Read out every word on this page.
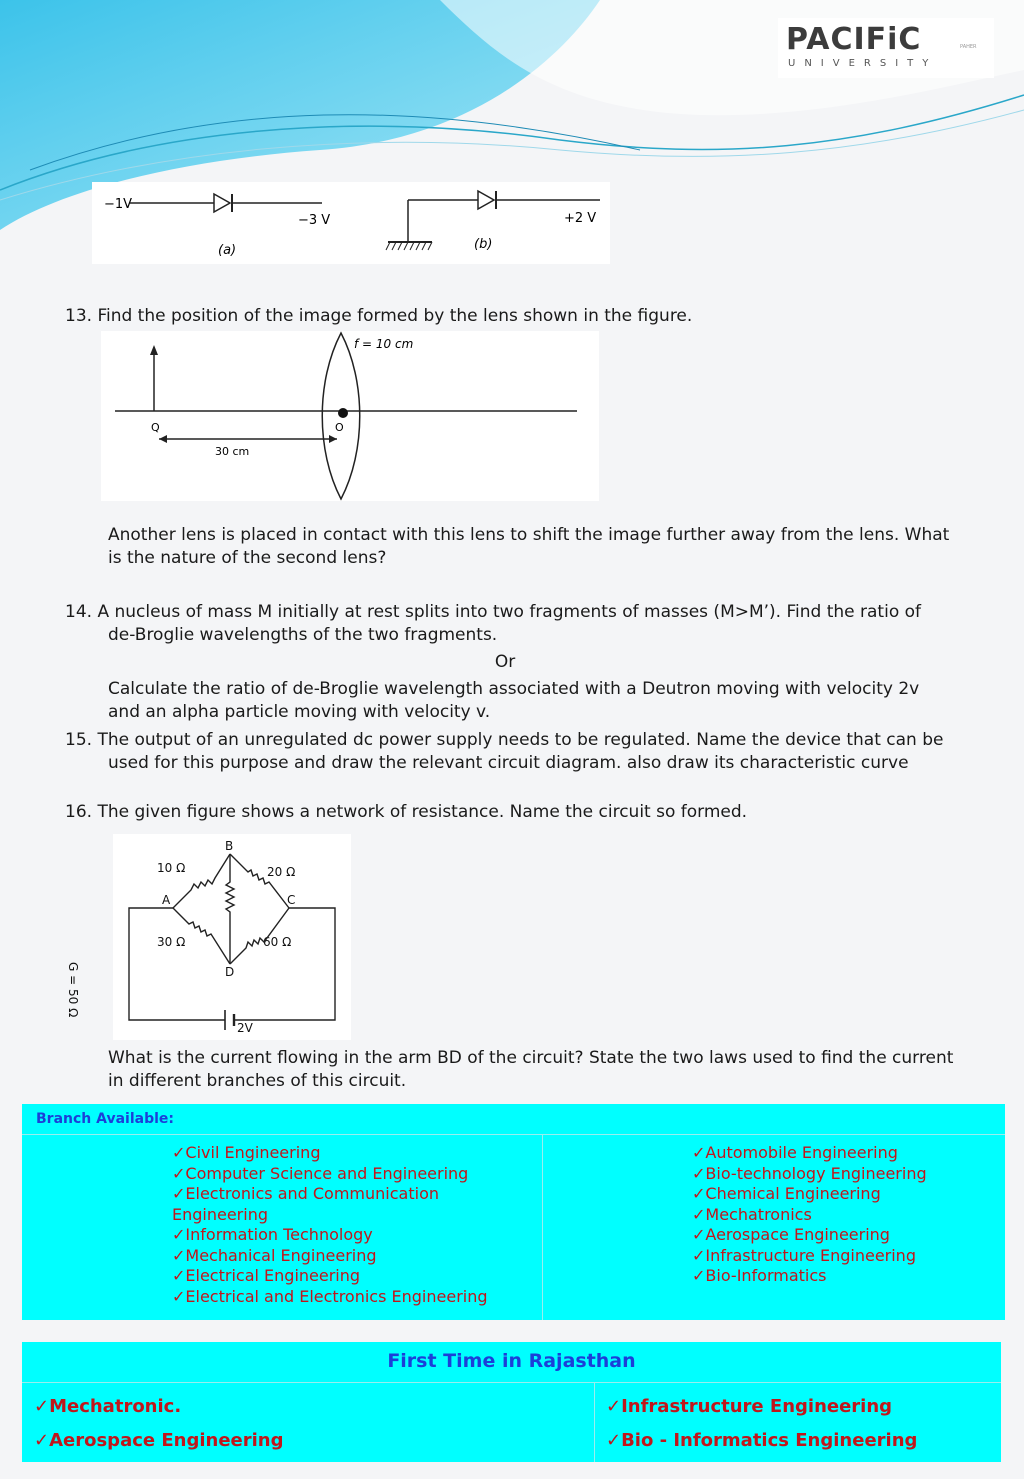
PACIFiC
UNIVERSITY
PAHER
−1V
−3 V
(a)
+2 V
(b)
13. Find the position of the image formed by the lens shown in the figure.
f = 10 cm
Q	O
30 cm
Another lens is placed in contact with this lens to shift the image further away from the lens. What is the nature of the second lens?
14. A nucleus of mass M initially at rest splits into two fragments of masses (M>M’). Find the ratio of de-Broglie wavelengths of the two fragments.
Or
Calculate the ratio of de-Broglie wavelength associated with a Deutron moving with velocity 2v and an alpha particle moving with velocity v.
15. The output of an unregulated dc power supply needs to be regulated. Name the device that can be used for this purpose and draw the relevant circuit diagram. also draw its characteristic curve
16. The given figure shows a network of resistance. Name the circuit so formed.
B
A	C
D
10 Ω	20 Ω
30 Ω	60 Ω
G = 50 Ω
2V
What is the current flowing in the arm BD of the circuit? State the two laws used to find the current in different branches of this circuit.
Branch Available:
✓Civil Engineering
✓Computer Science and Engineering
✓Electronics and Communication Engineering
✓Information Technology
✓Mechanical Engineering
✓Electrical Engineering
✓Electrical and Electronics Engineering
✓Automobile Engineering
✓Bio-technology Engineering
✓Chemical Engineering
✓Mechatronics
✓Aerospace Engineering
✓Infrastructure Engineering
✓Bio-Informatics
First Time in Rajasthan
✓Mechatronic.
✓Aerospace Engineering
✓Infrastructure Engineering
✓Bio - Informatics Engineering
